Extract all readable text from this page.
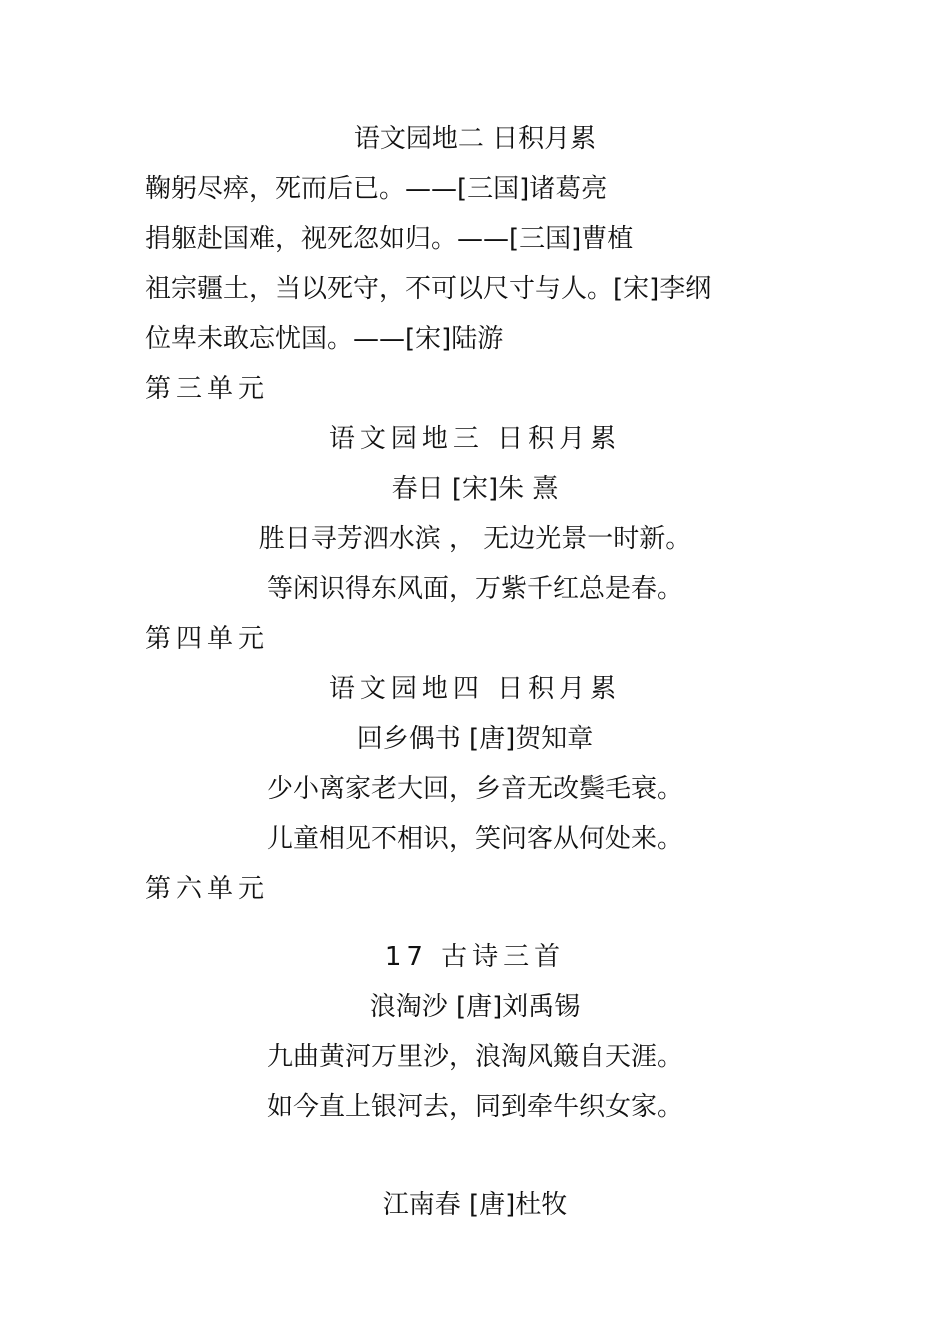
语文园地二 日积月累

鞠躬尽瘁，死而后已。——[三国]诸葛亮

捐躯赴国难，视死忽如归。——[三国]曹植

祖宗疆土，当以死守，不可以尺寸与人。[宋]李纲

位卑未敢忘忧国。——[宋]陆游

第三单元

语文园地三 日积月累

春日 [宋]朱 熹

胜日寻芳泗水滨 ， 无边光景一时新。

等闲识得东风面，万紫千红总是春。

第四单元

语文园地四 日积月累

回乡偶书 [唐]贺知章

少小离家老大回，乡音无改鬓毛衰。

儿童相见不相识，笑问客从何处来。

第六单元

17 古诗三首

浪淘沙 [唐]刘禹锡

九曲黄河万里沙，浪淘风簸自天涯。

如今直上银河去，同到牵牛织女家。

江南春 [唐]杜牧
